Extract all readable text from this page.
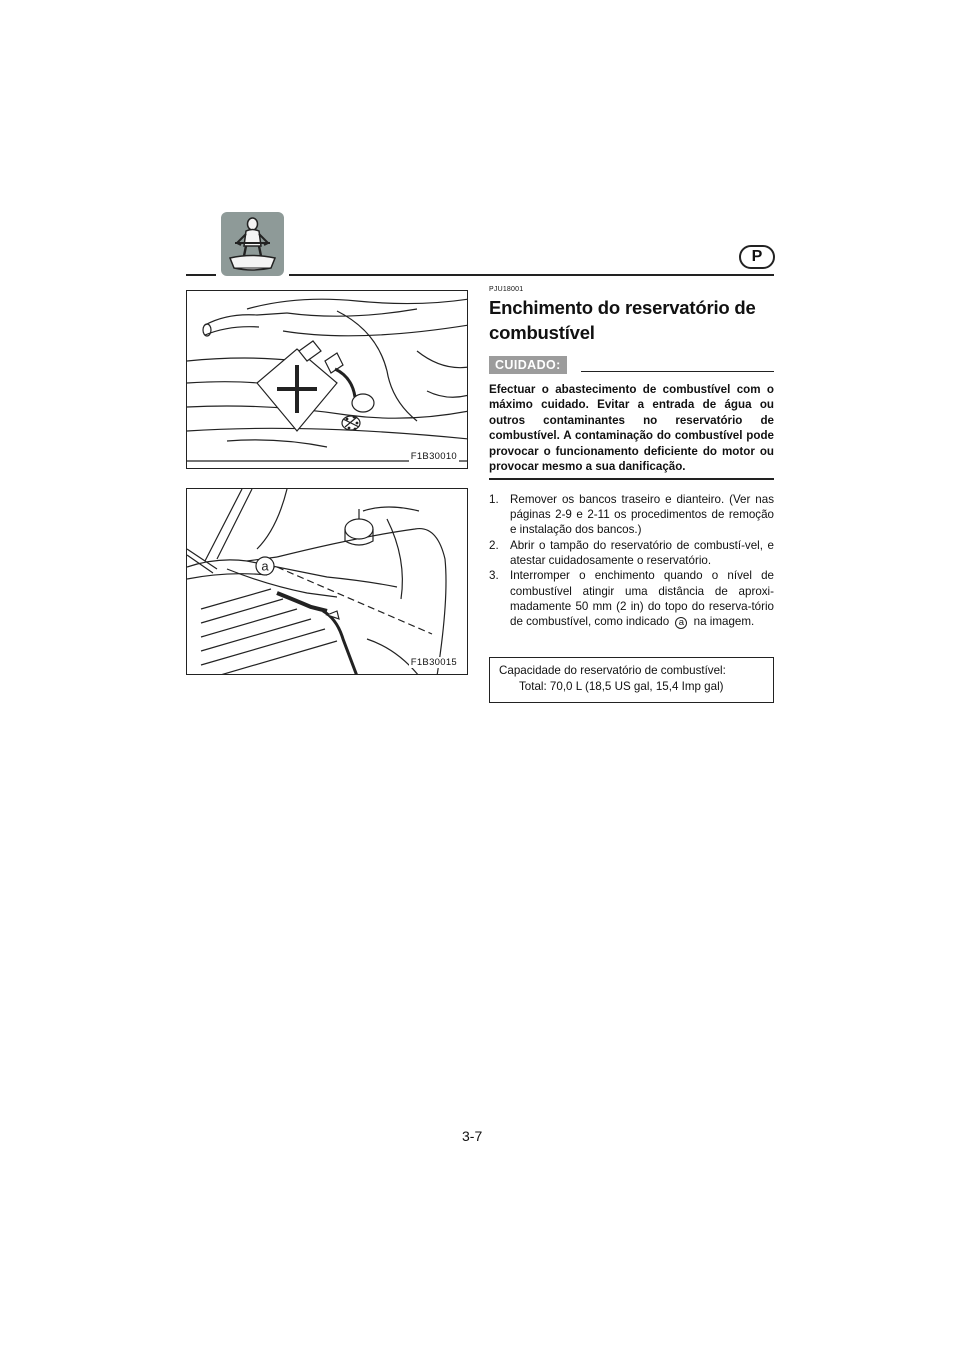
P
F1B30010
a
F1B30015
PJU18001
Enchimento do reservatório de combustível
CUIDADO:

Efectuar o abastecimento de combustível com o máximo cuidado. Evitar a entrada de água ou outros contaminantes no reservatório de combustível. A contaminação do combustível pode provocar o funcionamento deficiente do motor ou provocar mesmo a sua danificação.

1. Remover os bancos traseiro e dianteiro. (Ver nas páginas 2-9 e 2-11 os procedimentos de remoção e instalação dos bancos.)
2. Abrir o tampão do reservatório de combustí-vel, e atestar cuidadosamente o reservatório.
3. Interromper o enchimento quando o nível de combustível atingir uma distância de aproxi-madamente 50 mm (2 in) do topo do reserva-tório de combustível, como indicado a na imagem.
Capacidade do reservatório de combustível:
Total: 70,0 L (18,5 US gal, 15,4 Imp gal)
3-7
